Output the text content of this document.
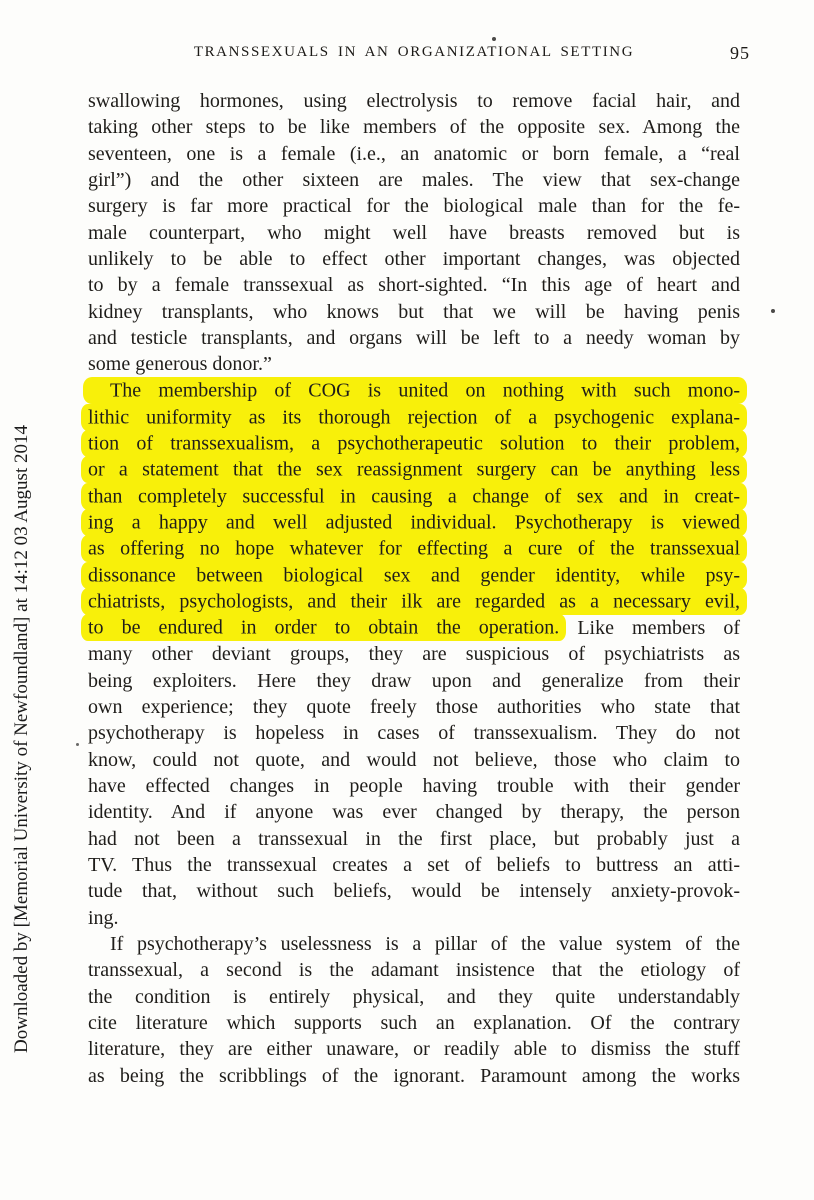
TRANSSEXUALS IN AN ORGANIZATIONAL SETTING	95
swallowing hormones, using electrolysis to remove facial hair, and
taking other steps to be like members of the opposite sex. Among the
seventeen, one is a female (i.e., an anatomic or born female, a “real
girl”) and the other sixteen are males. The view that sex-change
surgery is far more practical for the biological male than for the fe-
male counterpart, who might well have breasts removed but is
unlikely to be able to effect other important changes, was objected
to by a female transsexual as short-sighted. “In this age of heart and
kidney transplants, who knows but that we will be having penis
and testicle transplants, and organs will be left to a needy woman by
some generous donor.”
The membership of COG is united on nothing with such mono-
lithic uniformity as its thorough rejection of a psychogenic explana-
tion of transsexualism, a psychotherapeutic solution to their problem,
or a statement that the sex reassignment surgery can be anything less
than completely successful in causing a change of sex and in creat-
ing a happy and well adjusted individual. Psychotherapy is viewed
as offering no hope whatever for effecting a cure of the transsexual
dissonance between biological sex and gender identity, while psy-
chiatrists, psychologists, and their ilk are regarded as a necessary evil,
to be endured in order to obtain the operation. Like members of
many other deviant groups, they are suspicious of psychiatrists as
being exploiters. Here they draw upon and generalize from their
own experience; they quote freely those authorities who state that
psychotherapy is hopeless in cases of transsexualism. They do not
know, could not quote, and would not believe, those who claim to
have effected changes in people having trouble with their gender
identity. And if anyone was ever changed by therapy, the person
had not been a transsexual in the first place, but probably just a
TV. Thus the transsexual creates a set of beliefs to buttress an atti-
tude that, without such beliefs, would be intensely anxiety-provok-
ing.
If psychotherapy’s uselessness is a pillar of the value system of the
transsexual, a second is the adamant insistence that the etiology of
the condition is entirely physical, and they quite understandably
cite literature which supports such an explanation. Of the contrary
literature, they are either unaware, or readily able to dismiss the stuff
as being the scribblings of the ignorant. Paramount among the works
Downloaded by [Memorial University of Newfoundland] at 14:12 03 August 2014
